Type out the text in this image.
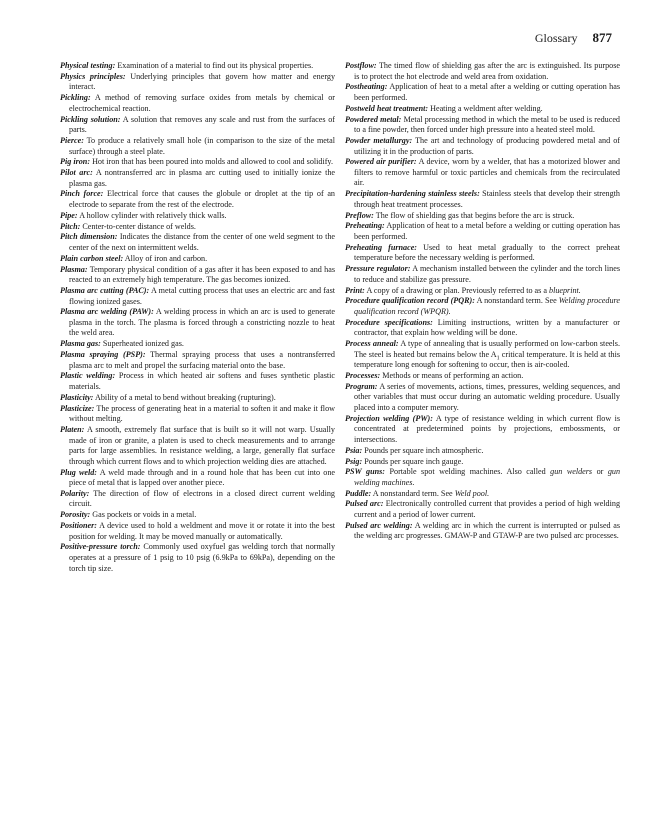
Glossary 877

Physical testing: Examination of a material to find out its physical properties.

Physics principles: Underlying principles that govern how matter and energy interact.

Pickling: A method of removing surface oxides from metals by chemical or electrochemical reaction.

Pickling solution: A solution that removes any scale and rust from the surfaces of parts.

Pierce: To produce a relatively small hole (in comparison to the size of the metal surface) through a steel plate.

Pig iron: Hot iron that has been poured into molds and allowed to cool and solidify.

Pilot arc: A nontransferred arc in plasma arc cutting used to initially ionize the plasma gas.

Pinch force: Electrical force that causes the globule or droplet at the tip of an electrode to separate from the rest of the electrode.

Pipe: A hollow cylinder with relatively thick walls.

Pitch: Center-to-center distance of welds.

Pitch dimension: Indicates the distance from the center of one weld segment to the center of the next on intermittent welds.

Plain carbon steel: Alloy of iron and carbon.

Plasma: Temporary physical condition of a gas after it has been exposed to and has reacted to an extremely high temperature. The gas becomes ionized.

Plasma arc cutting (PAC): A metal cutting process that uses an electric arc and fast flowing ionized gases.

Plasma arc welding (PAW): A welding process in which an arc is used to generate plasma in the torch. The plasma is forced through a constricting nozzle to heat the weld area.

Plasma gas: Superheated ionized gas.

Plasma spraying (PSP): Thermal spraying process that uses a nontransferred plasma arc to melt and propel the surfacing material onto the base.

Plastic welding: Process in which heated air softens and fuses synthetic plastic materials.

Plasticity: Ability of a metal to bend without breaking (rupturing).

Plasticize: The process of generating heat in a material to soften it and make it flow without melting.

Platen: A smooth, extremely flat surface that is built so it will not warp. Usually made of iron or granite, a platen is used to check measurements and to arrange parts for large assemblies. In resistance welding, a large, generally flat surface through which current flows and to which projection welding dies are attached.

Plug weld: A weld made through and in a round hole that has been cut into one piece of metal that is lapped over another piece.

Polarity: The direction of flow of electrons in a closed direct current welding circuit.

Porosity: Gas pockets or voids in a metal.

Positioner: A device used to hold a weldment and move it or rotate it into the best position for welding. It may be moved manually or automatically.

Positive-pressure torch: Commonly used oxyfuel gas welding torch that normally operates at a pressure of 1 psig to 10 psig (6.9kPa to 69kPa), depending on the torch tip size.

Postflow: The timed flow of shielding gas after the arc is extinguished. Its purpose is to protect the hot electrode and weld area from oxidation.

Postheating: Application of heat to a metal after a welding or cutting operation has been performed.

Postweld heat treatment: Heating a weldment after welding.

Powdered metal: Metal processing method in which the metal to be used is reduced to a fine powder, then forced under high pressure into a heated steel mold.

Powder metallurgy: The art and technology of producing powdered metal and of utilizing it in the production of parts.

Powered air purifier: A device, worn by a welder, that has a motorized blower and filters to remove harmful or toxic particles and chemicals from the recirculated air.

Precipitation-hardening stainless steels: Stainless steels that develop their strength through heat treatment processes.

Preflow: The flow of shielding gas that begins before the arc is struck.

Preheating: Application of heat to a metal before a welding or cutting operation has been performed.

Preheating furnace: Used to heat metal gradually to the correct preheat temperature before the necessary welding is performed.

Pressure regulator: A mechanism installed between the cylinder and the torch lines to reduce and stabilize gas pressure.

Print: A copy of a drawing or plan. Previously referred to as a blueprint.

Procedure qualification record (PQR): A nonstandard term. See Welding procedure qualification record (WPQR).

Procedure specifications: Limiting instructions, written by a manufacturer or contractor, that explain how welding will be done.

Process anneal: A type of annealing that is usually performed on low-carbon steels. The steel is heated but remains below the $A_1$ critical temperature. It is held at this temperature long enough for softening to occur, then is air-cooled.

Processes: Methods or means of performing an action.

Program: A series of movements, actions, times, pressures, welding sequences, and other variables that must occur during an automatic welding procedure. Usually placed into a computer memory.

Projection welding (PW): A type of resistance welding in which current flow is concentrated at predetermined points by projections, embossments, or intersections.

Psia: Pounds per square inch atmospheric.

Psig: Pounds per square inch gauge.

PSW guns: Portable spot welding machines. Also called gun welders or gun welding machines.

Puddle: A nonstandard term. See Weld pool.

Pulsed arc: Electronically controlled current that provides a period of high welding current and a period of lower current.

Pulsed arc welding: A welding arc in which the current is interrupted or pulsed as the welding arc progresses. GMAW-P and GTAW-P are two pulsed arc processes.
